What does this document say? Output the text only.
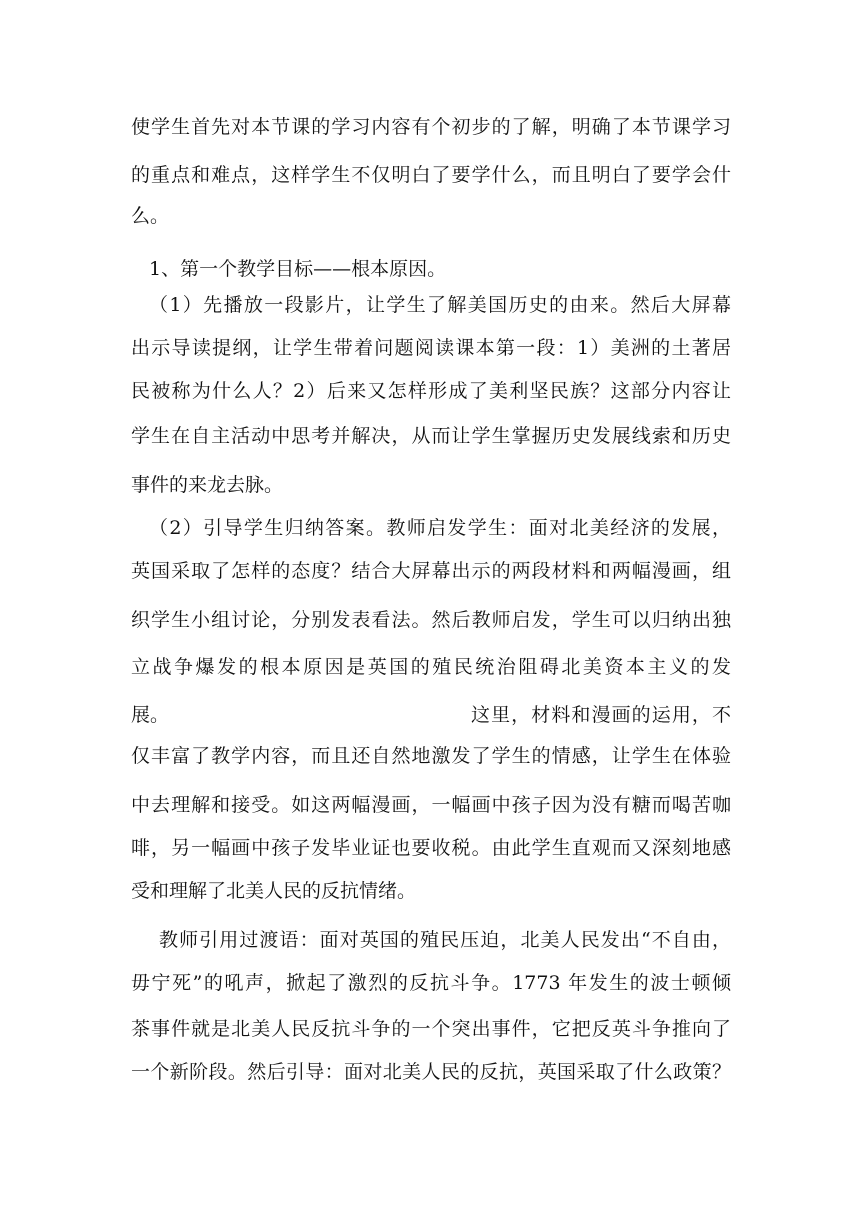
使学生首先对本节课的学习内容有个初步的了解，明确了本节课学习
的重点和难点，这样学生不仅明白了要学什么，而且明白了要学会什
么。
1、第一个教学目标——根本原因。
（1）先播放一段影片，让学生了解美国历史的由来。然后大屏幕
出示导读提纲，让学生带着问题阅读课本第一段：1）美洲的土著居
民被称为什么人？2）后来又怎样形成了美利坚民族？这部分内容让
学生在自主活动中思考并解决，从而让学生掌握历史发展线索和历史
事件的来龙去脉。
（2）引导学生归纳答案。教师启发学生：面对北美经济的发展，
英国采取了怎样的态度？结合大屏幕出示的两段材料和两幅漫画，组
织学生小组讨论，分别发表看法。然后教师启发，学生可以归纳出独
立战争爆发的根本原因是英国的殖民统治阻碍北美资本主义的发
展。	这里，材料和漫画的运用，不
仅丰富了教学内容，而且还自然地激发了学生的情感，让学生在体验
中去理解和接受。如这两幅漫画，一幅画中孩子因为没有糖而喝苦咖
啡，另一幅画中孩子发毕业证也要收税。由此学生直观而又深刻地感
受和理解了北美人民的反抗情绪。
教师引用过渡语：面对英国的殖民压迫，北美人民发出“不自由，
毋宁死”的吼声，掀起了激烈的反抗斗争。1773 年发生的波士顿倾
茶事件就是北美人民反抗斗争的一个突出事件，它把反英斗争推向了
一个新阶段。然后引导：面对北美人民的反抗，英国采取了什么政策？
